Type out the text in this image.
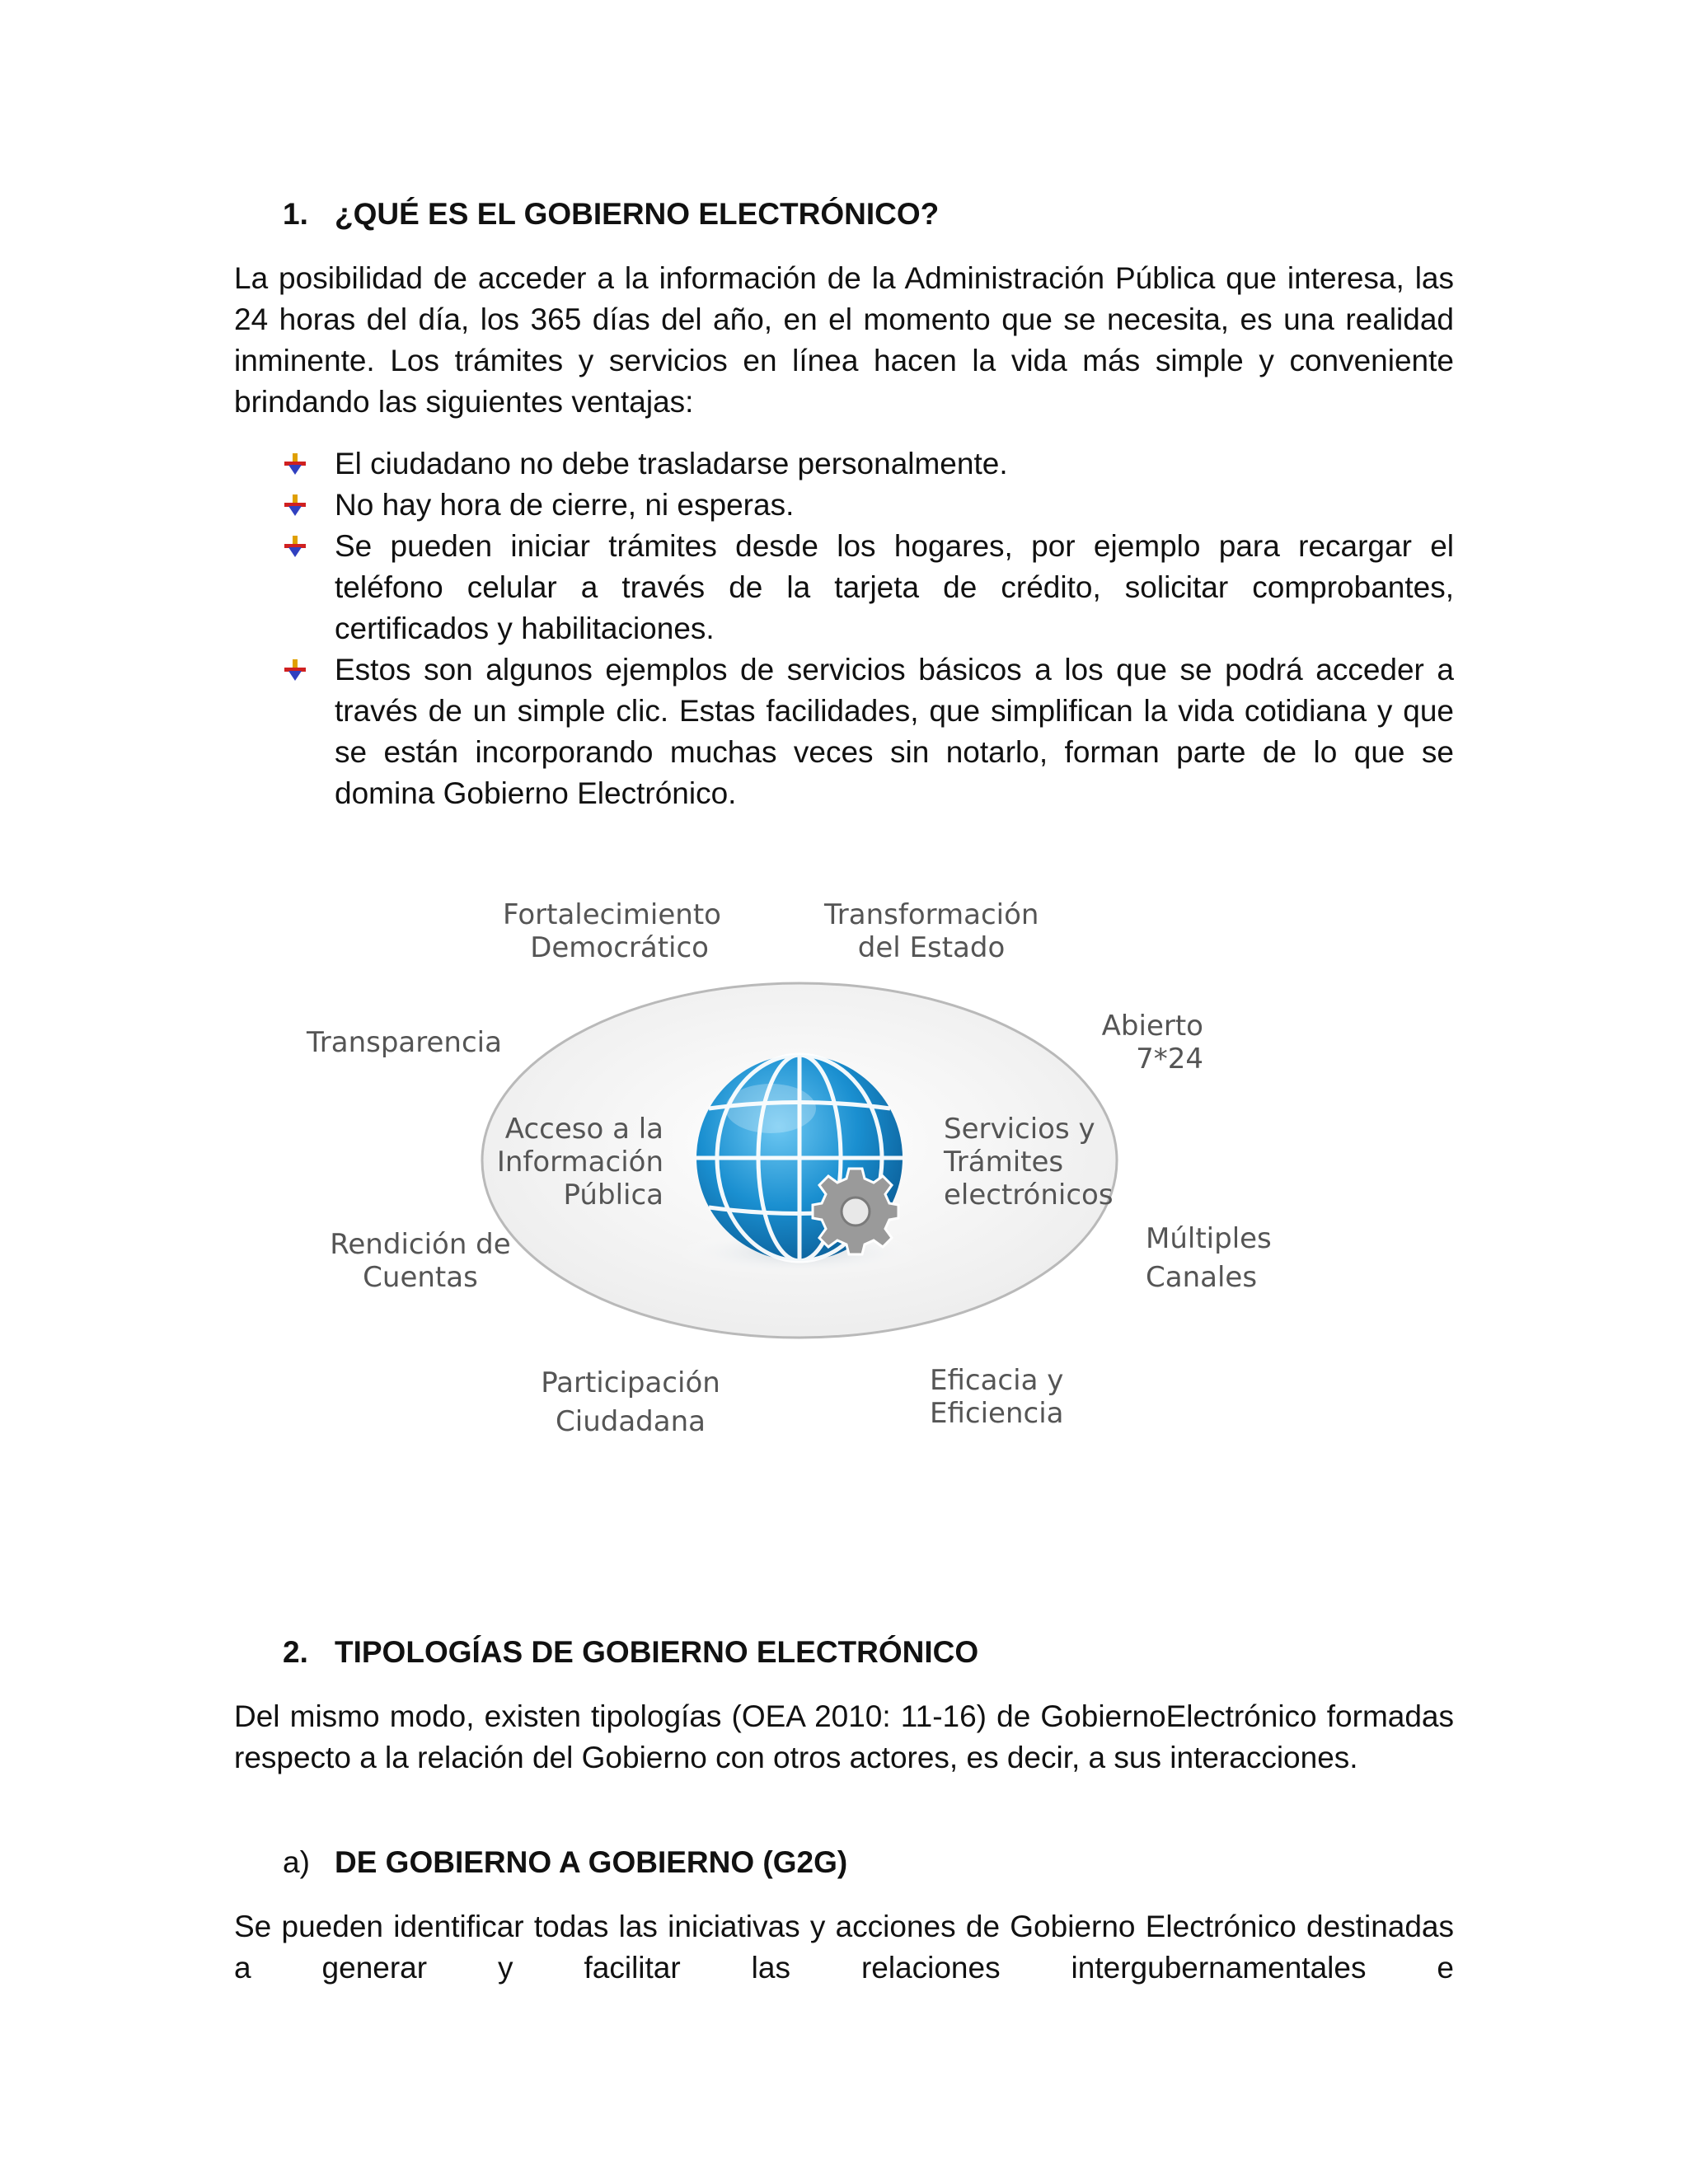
1. ¿QUÉ ES EL GOBIERNO ELECTRÓNICO?

La posibilidad de acceder a la información de la Administración Pública que interesa, las 24 horas del día, los 365 días del año, en el momento que se necesita, es una realidad inminente. Los trámites y servicios en línea hacen la vida más simple y conveniente brindando las siguientes ventajas:

El ciudadano no debe trasladarse personalmente.
No hay hora de cierre, ni esperas.
Se pueden iniciar trámites desde los hogares, por ejemplo para recargar el teléfono celular a través de la tarjeta de crédito, solicitar comprobantes, certificados y habilitaciones.
Estos son algunos ejemplos de servicios básicos a los que se podrá acceder a través de un simple clic. Estas facilidades, que simplifican la vida cotidiana y que se están incorporando muchas veces sin notarlo, forman parte de lo que se domina Gobierno Electrónico.
Fortalecimiento
Democrático
Transformación
del Estado
Transparencia	Abierto
7*24
Acceso a la
Información
Pública
Servicios y
Trámites
electrónicos
Rendición de
Cuentas
Múltiples
Canales
Participación
Ciudadana
Eficacia y
Eficiencia
2. TIPOLOGÍAS DE GOBIERNO ELECTRÓNICO

Del mismo modo, existen tipologías (OEA 2010: 11-16) de GobiernoElectrónico formadas respecto a la relación del Gobierno con otros actores, es decir, a sus interacciones.

a) DE GOBIERNO A GOBIERNO (G2G)

Se pueden identificar todas las iniciativas y acciones de Gobierno Electrónico destinadas a generar y facilitar las relaciones intergubernamentales e
